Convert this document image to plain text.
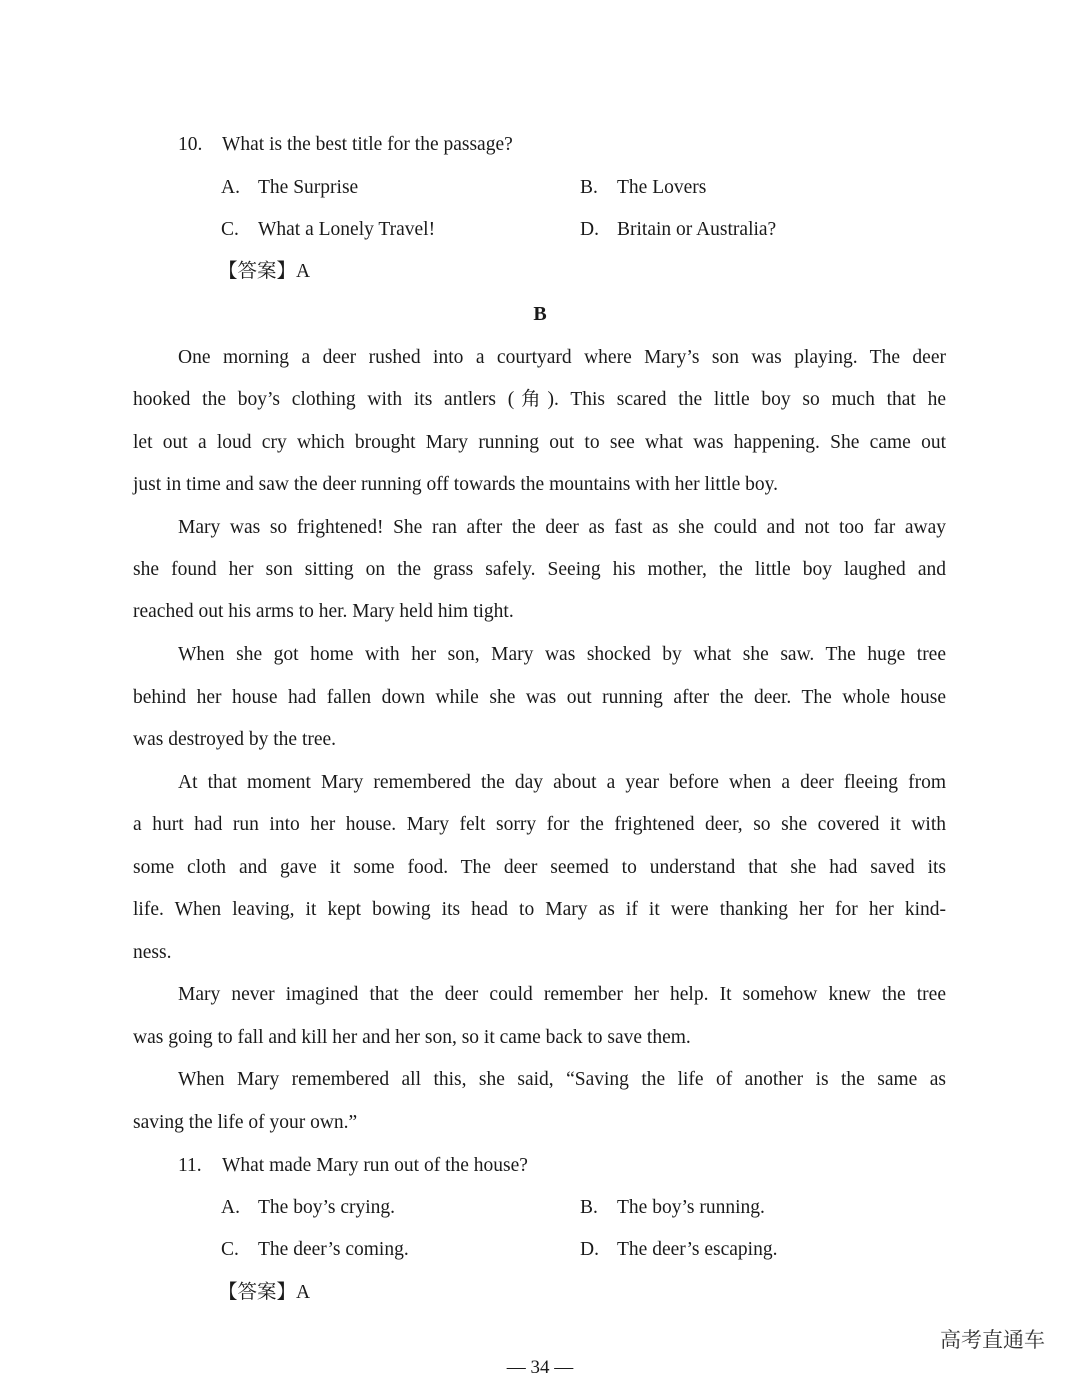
10. What is the best title for the passage?
A. The Surprise	B. The Lovers
C. What a Lonely Travel!	D. Britain or Australia?
【答案】A
B
One morning a deer rushed into a courtyard where Mary’s son was playing. The deer
hooked the boy’s clothing with its antlers (角). This scared the little boy so much that he
let out a loud cry which brought Mary running out to see what was happening. She came out
just in time and saw the deer running off towards the mountains with her little boy.
Mary was so frightened! She ran after the deer as fast as she could and not too far away
she found her son sitting on the grass safely. Seeing his mother, the little boy laughed and
reached out his arms to her. Mary held him tight.
When she got home with her son, Mary was shocked by what she saw. The huge tree
behind her house had fallen down while she was out running after the deer. The whole house
was destroyed by the tree.
At that moment Mary remembered the day about a year before when a deer fleeing from
a hurt had run into her house. Mary felt sorry for the frightened deer, so she covered it with
some cloth and gave it some food. The deer seemed to understand that she had saved its
life. When leaving, it kept bowing its head to Mary as if it were thanking her for her kind-
ness.
Mary never imagined that the deer could remember her help. It somehow knew the tree
was going to fall and kill her and her son, so it came back to save them.
When Mary remembered all this, she said, “Saving the life of another is the same as
saving the life of your own.”
11. What made Mary run out of the house?
A. The boy’s crying.	B. The boy’s running.
C. The deer’s coming.	D. The deer’s escaping.
【答案】A
高考直通车
— 34 —
